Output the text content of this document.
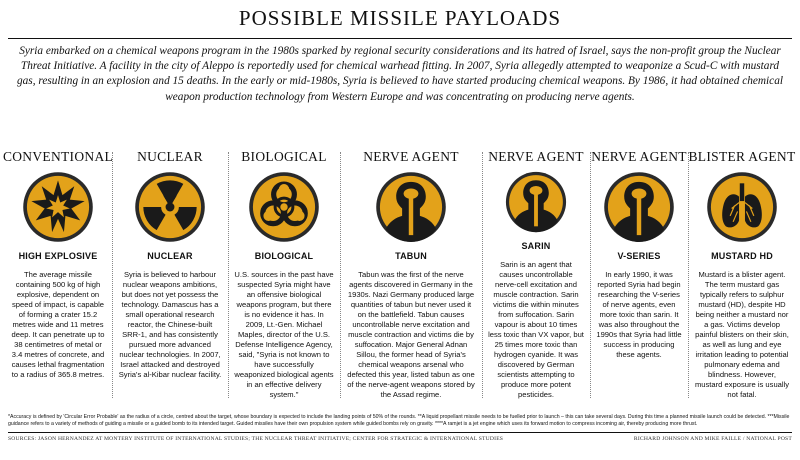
POSSIBLE MISSILE PAYLOADS
Syria embarked on a chemical weapons program in the 1980s sparked by regional security considerations and its hatred of Israel, says the non-profit group the Nuclear Threat Initiative. A facility in the city of Aleppo is reportedly used for chemical warhead fitting. In 2007, Syria allegedly attempted to weaponize a Scud-C with mustard gas, resulting in an explosion and 15 deaths. In the early or mid-1980s, Syria is believed to have started producing chemical weapons. By 1986, it had obtained chemical weapon production technology from Western Europe and was concentrating on producing nerve agents.
CONVENTIONAL
HIGH EXPLOSIVE
The average missile containing 500 kg of high explosive, dependent on speed of impact, is capable of forming a crater 15.2 metres wide and 11 metres deep. It can penetrate up to 38 centimetres of metal or 3.4 metres of concrete, and causes lethal fragmentation to a radius of 365.8 metres.
NUCLEAR
NUCLEAR
Syria is believed to harbour nuclear weapons ambitions, but does not yet possess the technology. Damascus has a small operational research reactor, the Chinese-built SRR-1, and has consistently pursued more advanced nuclear technologies. In 2007, Israel attacked and destroyed Syria's al-Kibar nuclear facility.
BIOLOGICAL
BIOLOGICAL
U.S. sources in the past have suspected Syria might have an offensive biological weapons program, but there is no evidence it has. In 2009, Lt.-Gen. Michael Maples, director of the U.S. Defense Intelligence Agency, said, "Syria is not known to have successfully weaponized biological agents in an effective delivery system."
NERVE AGENT
TABUN
Tabun was the first of the nerve agents discovered in Germany in the 1930s. Nazi Germany produced large quantities of tabun but never used it on the battlefield. Tabun causes uncontrollable nerve excitation and muscle contraction and victims die by suffocation. Major General Adnan Sillou, the former head of Syria's chemical weapons arsenal who defected this year, listed tabun as one of the nerve-agent weapons stored by the Assad regime.
NERVE AGENT
SARIN
Sarin is an agent that causes uncontrollable nerve-cell excitation and muscle contraction. Sarin victims die within minutes from suffocation. Sarin vapour is about 10 times less toxic than VX vapor, but 25 times more toxic than hydrogen cyanide. It was discovered by German scientists attempting to produce more potent pesticides.
NERVE AGENT
V-SERIES
In early 1990, it was reported Syria had begin researching the V-series of nerve agents, even more toxic than sarin. It was also throughout the 1990s that Syria had little success in producing these agents.
BLISTER AGENT
MUSTARD HD
Mustard is a blister agent. The term mustard gas typically refers to sulphur mustard (HD), despite HD being neither a mustard nor a gas. Victims develop painful blisters on their skin, as well as lung and eye irritation leading to potential pulmonary edema and blindness. However, mustard exposure is usually not fatal.
*Accuracy is defined by 'Circular Error Probable' as the radius of a circle, centred about the target, whose boundary is expected to include the landing points of 50% of the rounds. **A liquid propellant missile needs to be fuelled prior to launch – this can take several days. During this time a planned missile launch could be detected. ***Missile guidance refers to a variety of methods of guiding a missile or a guided bomb to its intended target. Guided missiles have their own propulsion system while guided bombs rely on gravity. ****A ramjet is a jet engine which uses its forward motion to compress incoming air, thereby producing more thrust.
SOURCES: JASON HERNANDEZ AT MONTERY INSTITUTE OF INTERNATIONAL STUDIES; THE NUCLEAR THREAT INITIATIVE; CENTER FOR STRATEGIC & INTERNATIONAL STUDIES	RICHARD JOHNSON AND MIKE FAILLE / NATIONAL POST
